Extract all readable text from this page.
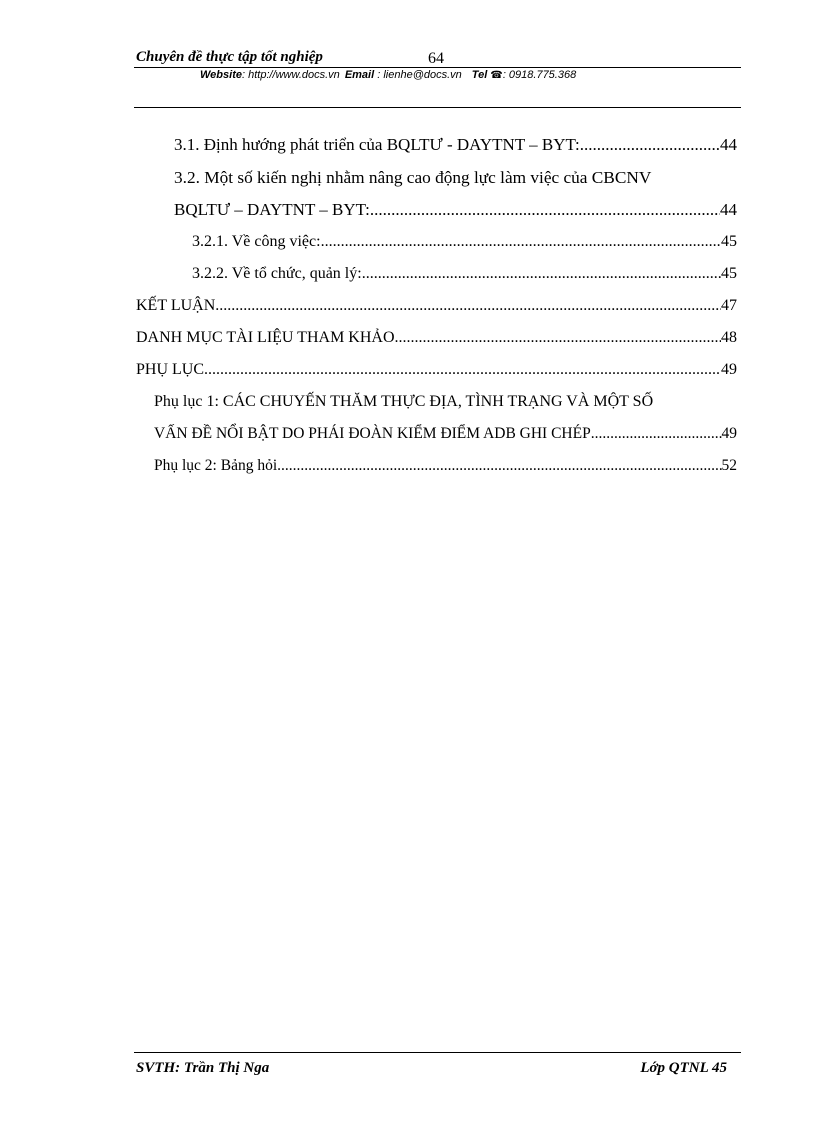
Chuyên đề thực tập tốt nghiệp	64
Website: http://www.docs.vn Email : lienhe@docs.vn Tel ☎: 0918.775.368
3.1. Định hướng phát triển của BQLTƯ - DAYTNT – BYT: .....	44
3.2. Một số kiến nghị nhằm nâng cao động lực làm việc của CBCNV
BQLTƯ – DAYTNT – BYT: .....	44
3.2.1. Về công việc: .....	45
3.2.2. Về tổ chức, quản lý: .....	45
KẾT LUẬN .....	47
DANH MỤC TÀI LIỆU THAM KHẢO .....	48
PHỤ LỤC .....	49
Phụ lục 1: CÁC CHUYẾN THĂM THỰC ĐỊA, TÌNH TRẠNG VÀ MỘT SỐ
VẤN ĐỀ NỔI BẬT DO PHÁI ĐOÀN KIỂM ĐIỂM ADB GHI CHÉP .....	49
Phụ lục 2: Bảng hỏi .....	52
SVTH: Trần Thị Nga	Lớp QTNL 45
